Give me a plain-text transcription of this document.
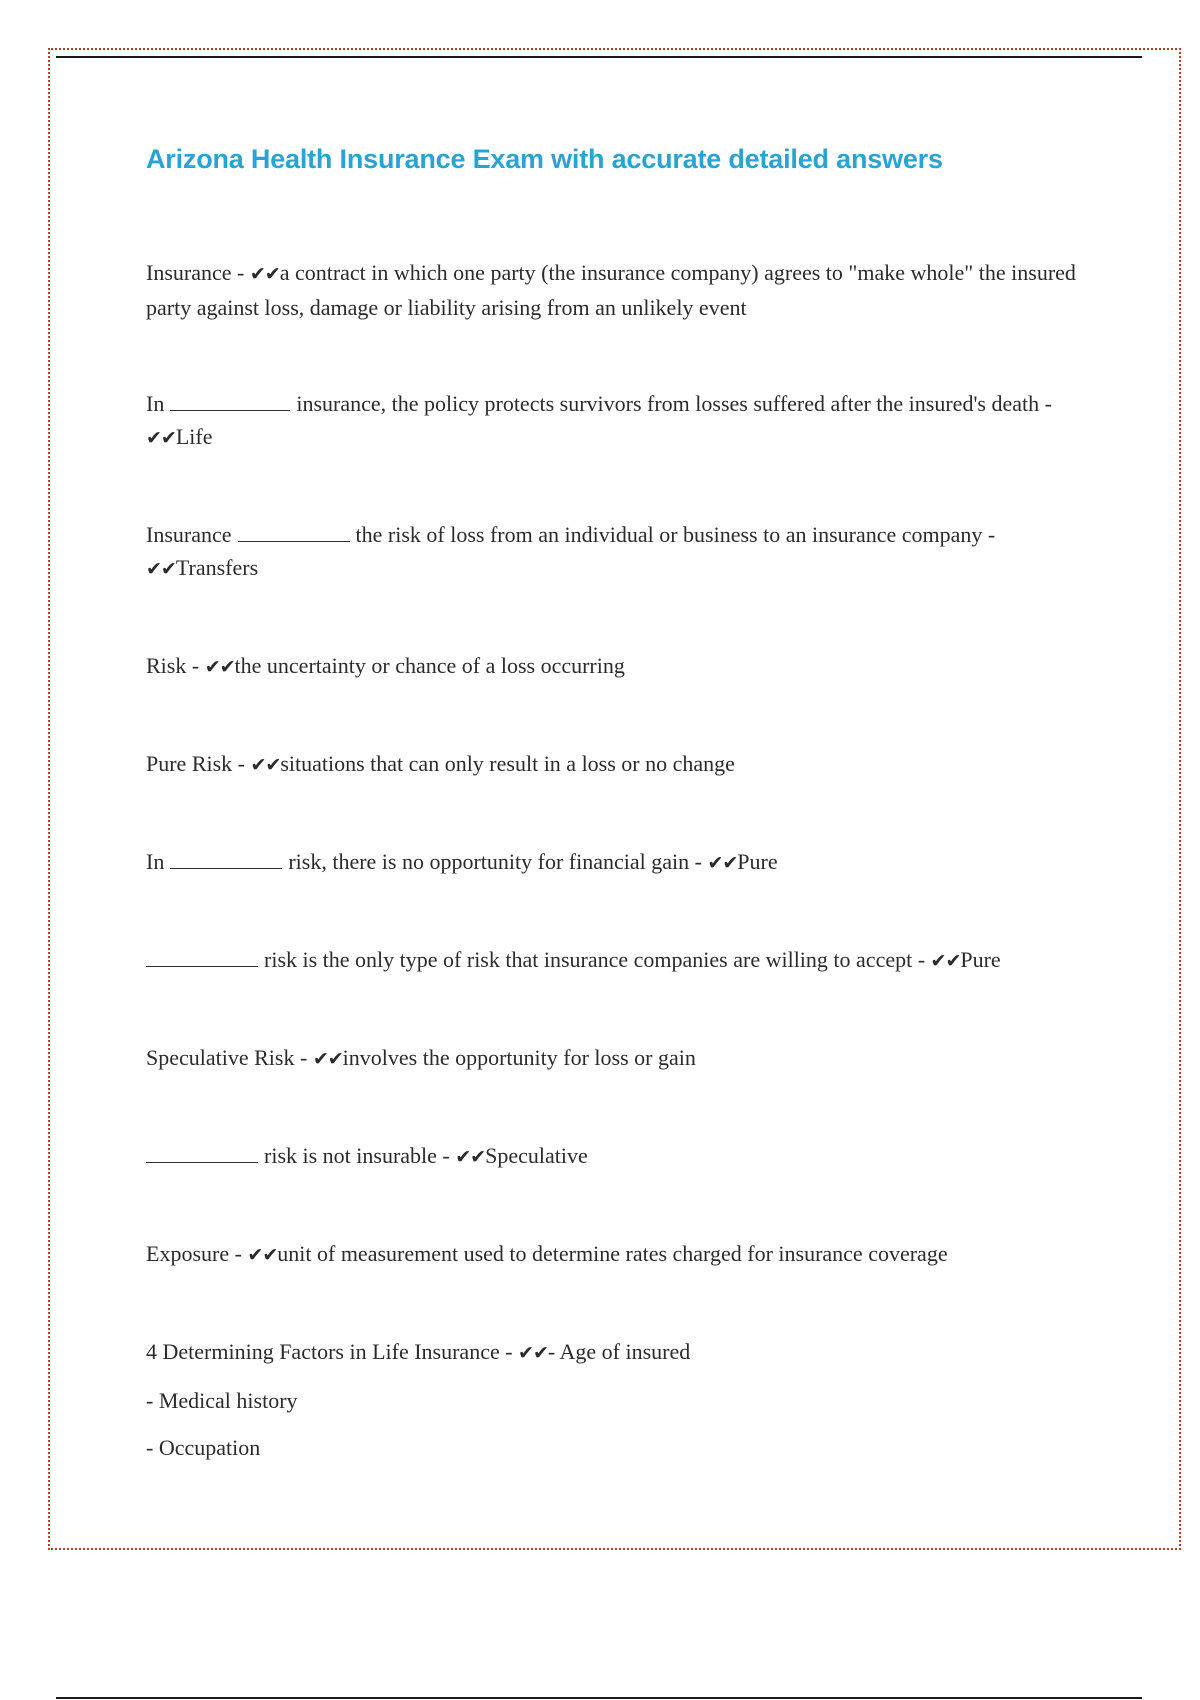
Arizona Health Insurance Exam with accurate detailed answers

Insurance - ✔✔a contract in which one party (the insurance company) agrees to "make whole" the insured party against loss, damage or liability arising from an unlikely event

In	insurance, the policy protects survivors from losses suffered after the insured's death - ✔✔Life

Insurance	the risk of loss from an individual or business to an insurance company - ✔✔Transfers

Risk - ✔✔the uncertainty or chance of a loss occurring

Pure Risk - ✔✔situations that can only result in a loss or no change

In	risk, there is no opportunity for financial gain - ✔✔Pure

risk is the only type of risk that insurance companies are willing to accept - ✔✔Pure

Speculative Risk - ✔✔involves the opportunity for loss or gain

risk is not insurable - ✔✔Speculative

Exposure - ✔✔unit of measurement used to determine rates charged for insurance coverage

4 Determining Factors in Life Insurance - ✔✔- Age of insured
- Medical history
- Occupation
